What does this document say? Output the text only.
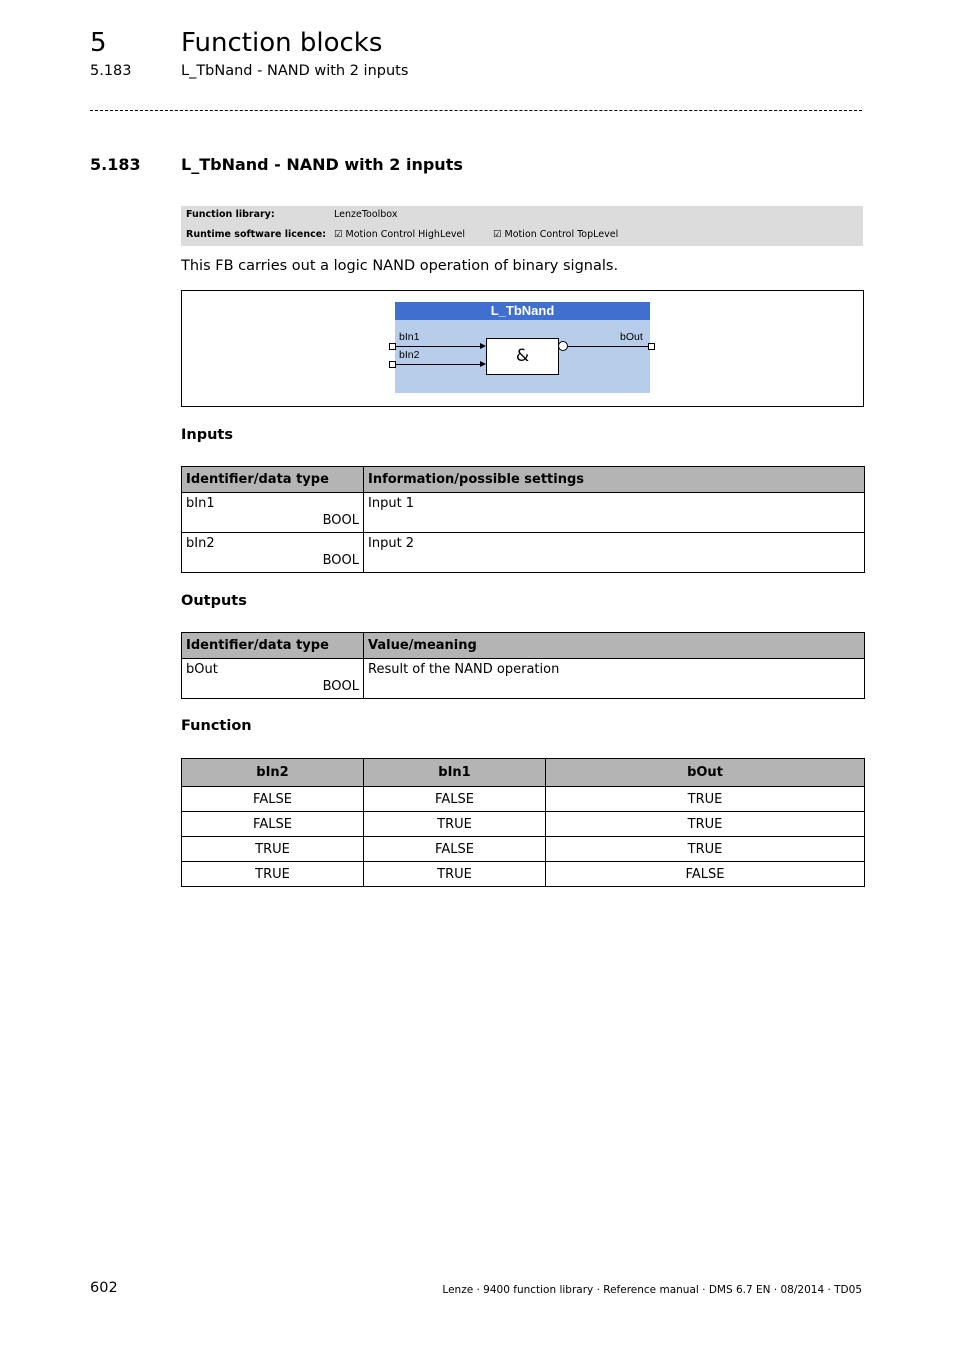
5	Function blocks
5.183	L_TbNand - NAND with 2 inputs
5.183	L_TbNand - NAND with 2 inputs
Function library:	LenzeToolbox
Runtime software licence: ☑ Motion Control HighLevel	☑ Motion Control TopLevel
This FB carries out a logic NAND operation of binary signals.
L_TbNand
bIn1
bIn2
bOut
&
Inputs
Identifier/data type	Information/possible settings

bIn1
BOOL	Input 1

bIn2
BOOL	Input 2
Outputs
Identifier/data type	Value/meaning

bOut
BOOL	Result of the NAND operation
Function
bIn2	bIn1	bOut
FALSE	FALSE	TRUE
FALSE	TRUE	TRUE
TRUE	FALSE	TRUE
TRUE	TRUE	FALSE
602	Lenze · 9400 function library · Reference manual · DMS 6.7 EN · 08/2014 · TD05
